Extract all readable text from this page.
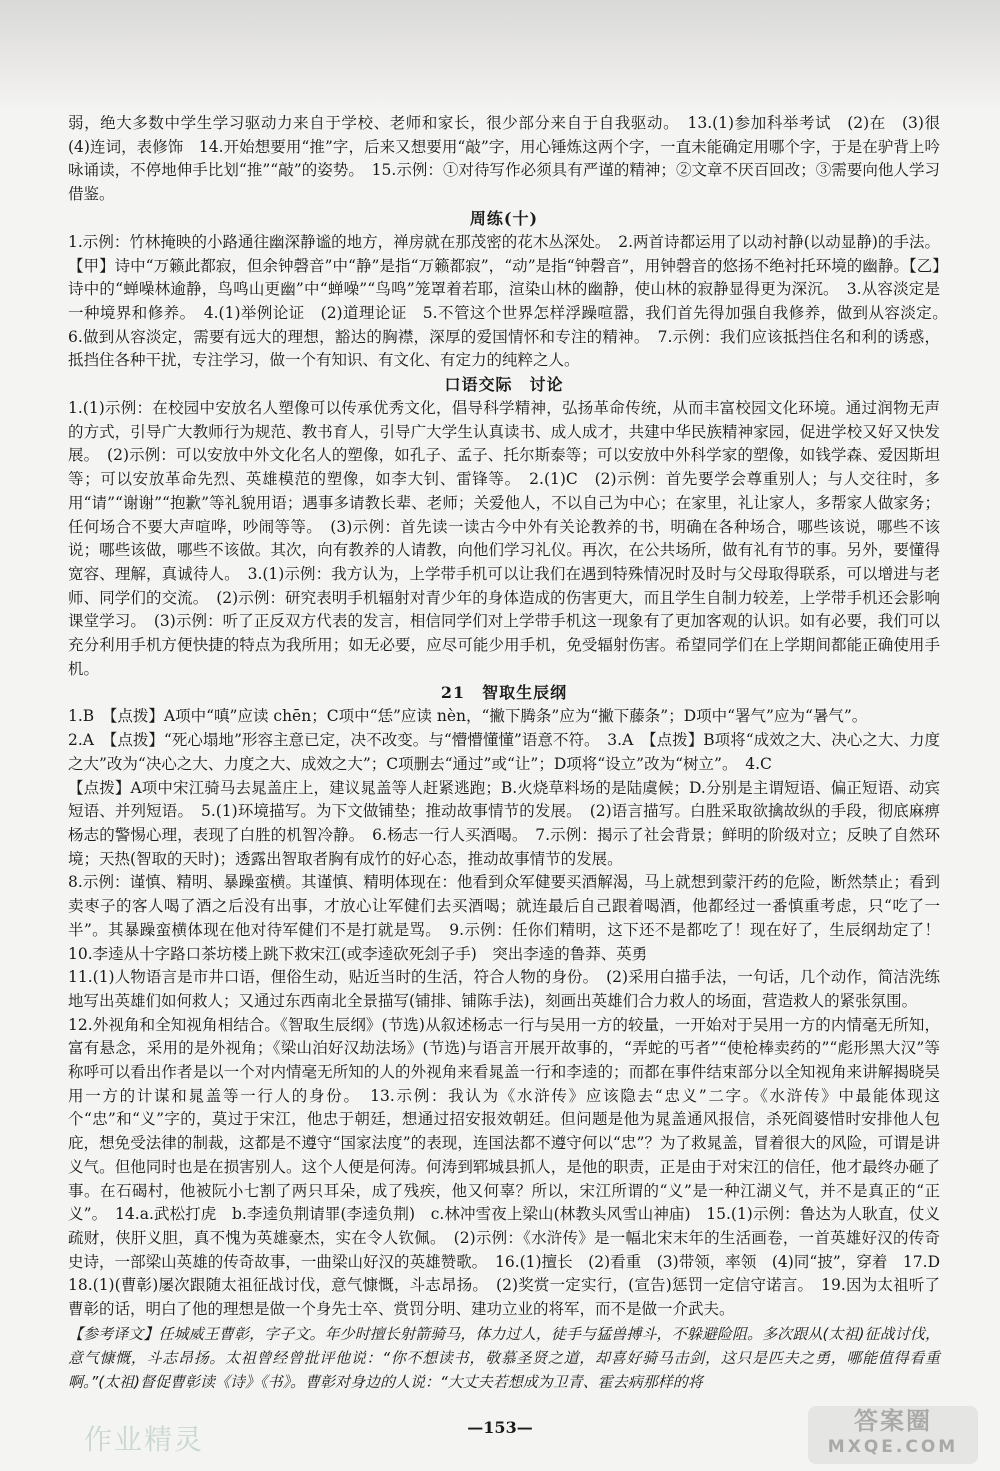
弱，绝大多数中学生学习驱动力来自于学校、老师和家长，很少部分来自于自我驱动。　13.(1)参加科举考试　(2)在　(3)很　(4)连词，表修饰　14.开始想要用“推”字，后来又想要用“敲”字，用心锤炼这两个字，一直未能确定用哪个字，于是在驴背上吟咏诵读，不停地伸手比划“推”“敲”的姿势。　15.示例：①对待写作必须具有严谨的精神；②文章不厌百回改；③需要向他人学习借鉴。

周练(十)

1.示例：竹林掩映的小路通往幽深静谧的地方，禅房就在那茂密的花木丛深处。　2.两首诗都运用了以动衬静(以动显静)的手法。【甲】诗中“万籁此都寂，但余钟磬音”中“静”是指“万籁都寂”，“动”是指“钟磬音”，用钟磬音的悠扬不绝衬托环境的幽静。【乙】诗中的“蝉噪林逾静，鸟鸣山更幽”中“蝉噪”“鸟鸣”笼罩着若耶，渲染山林的幽静，使山林的寂静显得更为深沉。　3.从容淡定是一种境界和修养。　4.(1)举例论证　(2)道理论证　5.不管这个世界怎样浮躁喧嚣，我们首先得加强自我修养，做到从容淡定。　6.做到从容淡定，需要有远大的理想，豁达的胸襟，深厚的爱国情怀和专注的精神。　7.示例：我们应该抵挡住名和利的诱惑，抵挡住各种干扰，专注学习，做一个有知识、有文化、有定力的纯粹之人。

口语交际　讨论

1.(1)示例：在校园中安放名人塑像可以传承优秀文化，倡导科学精神，弘扬革命传统，从而丰富校园文化环境。通过润物无声的方式，引导广大教师行为规范、教书育人，引导广大学生认真读书、成人成才，共建中华民族精神家园，促进学校又好又快发展。　(2)示例：可以安放中外文化名人的塑像，如孔子、孟子、托尔斯泰等；可以安放中外科学家的塑像，如钱学森、爱因斯坦等；可以安放革命先烈、英雄模范的塑像，如李大钊、雷锋等。　2.(1)C　(2)示例：首先要学会尊重别人；与人交往时，多用“请”“谢谢”“抱歉”等礼貌用语；遇事多请教长辈、老师；关爱他人，不以自己为中心；在家里，礼让家人，多帮家人做家务；任何场合不要大声喧哗，吵闹等等。　(3)示例：首先读一读古今中外有关论教养的书，明确在各种场合，哪些该说，哪些不该说；哪些该做，哪些不该做。其次，向有教养的人请教，向他们学习礼仪。再次，在公共场所，做有礼有节的事。另外，要懂得宽容、理解，真诚待人。　3.(1)示例：我方认为，上学带手机可以让我们在遇到特殊情况时及时与父母取得联系，可以增进与老师、同学们的交流。　(2)示例：研究表明手机辐射对青少年的身体造成的伤害更大，而且学生自制力较差，上学带手机还会影响课堂学习。　(3)示例：听了正反双方代表的发言，相信同学们对上学带手机这一现象有了更加客观的认识。如有必要，我们可以充分利用手机方便快捷的特点为我所用；如无必要，应尽可能少用手机，免受辐射伤害。希望同学们在上学期间都能正确使用手机。

21　智取生辰纲

1.B　【点拨】A项中“嗔”应读 chēn；C项中“恁”应读 nèn，“撇下腾条”应为“撇下藤条”；D项中“署气”应为“暑气”。

2.A　【点拨】“死心塌地”形容主意已定，决不改变。与“懵懵懂懂”语意不符。　3.A　【点拨】B项将“成效之大、决心之大、力度之大”改为“决心之大、力度之大、成效之大”；C项删去“通过”或“让”；D项将“设立”改为“树立”。　4.C

【点拨】A项中宋江骑马去晁盖庄上，建议晁盖等人赶紧逃跑；B.火烧草料场的是陆虞候；D.分别是主谓短语、偏正短语、动宾短语、并列短语。　5.(1)环境描写。为下文做铺垫；推动故事情节的发展。　(2)语言描写。白胜采取欲擒故纵的手段，彻底麻痹杨志的警惕心理，表现了白胜的机智冷静。　6.杨志一行人买酒喝。　7.示例：揭示了社会背景；鲜明的阶级对立；反映了自然环境；天热(智取的天时)；透露出智取者胸有成竹的好心态，推动故事情节的发展。

8.示例：谨慎、精明、暴躁蛮横。其谨慎、精明体现在：他看到众军健要买酒解渴，马上就想到蒙汗药的危险，断然禁止；看到卖枣子的客人喝了酒之后没有出事，才放心让军健们去买酒喝；就连最后自己跟着喝酒，他都经过一番慎重考虑，只“吃了一半”。其暴躁蛮横体现在他对待军健们不是打就是骂。　9.示例：任你们精明，这下还不是都吃了！现在好了，生辰纲劫定了！　10.李逵从十字路口茶坊楼上跳下救宋江(或李逵砍死刽子手)　突出李逵的鲁莽、英勇

11.(1)人物语言是市井口语，俚俗生动，贴近当时的生活，符合人物的身份。　(2)采用白描手法，一句话，几个动作，简洁洗练地写出英雄们如何救人；又通过东西南北全景描写(铺排、铺陈手法)，刻画出英雄们合力救人的场面，营造救人的紧张氛围。

12.外视角和全知视角相结合。《智取生辰纲》(节选)从叙述杨志一行与吴用一方的较量，一开始对于吴用一方的内情毫无所知，富有悬念，采用的是外视角；《梁山泊好汉劫法场》(节选)与语言开展开故事的，“弄蛇的丐者”“使枪棒卖药的”“彪形黑大汉”等称呼可以看出作者是以一个对内情毫无所知的人的外视角来看晁盖一行和李逵的；而都在事件结束部分以全知视角来讲解揭晓吴用一方的计谋和晁盖等一行人的身份。　13.示例：我认为《水浒传》应该隐去“忠义”二字。《水浒传》中最能体现这个“忠”和“义”字的，莫过于宋江，他忠于朝廷，想通过招安报效朝廷。但问题是他为晁盖通风报信，杀死阎婆惜时安排他人包庇，想免受法律的制裁，这都是不遵守“国家法度”的表现，连国法都不遵守何以“忠”？为了救晁盖，冒着很大的风险，可谓是讲义气。但他同时也是在损害别人。这个人便是何涛。何涛到郓城县抓人，是他的职责，正是由于对宋江的信任，他才最终办砸了事。在石碣村，他被阮小七割了两只耳朵，成了残疾，他又何辜？所以，宋江所谓的“义”是一种江湖义气，并不是真正的“正义”。　14.a.武松打虎　b.李逵负荆请罪(李逵负荆)　c.林冲雪夜上梁山(林教头风雪山神庙)　15.(1)示例：鲁达为人耿直，仗义疏财，侠肝义胆，真不愧为英雄豪杰，实在令人钦佩。　(2)示例：《水浒传》是一幅北宋末年的生活画卷，一首英雄好汉的传奇史诗，一部梁山英雄的传奇故事，一曲梁山好汉的英雄赞歌。　16.(1)擅长　(2)看重　(3)带领，率领　(4)同“披”，穿着　17.D　18.(1)(曹彰)屡次跟随太祖征战讨伐，意气慷慨，斗志昂扬。　(2)奖赏一定实行，(宣告)惩罚一定信守诺言。　19.因为太祖听了曹彰的话，明白了他的理想是做一个身先士卒、赏罚分明、建功立业的将军，而不是做一介武夫。

【参考译文】任城威王曹彰，字子文。年少时擅长射箭骑马，体力过人，徒手与猛兽搏斗，不躲避险阻。多次跟从(太祖)征战讨伐，意气慷慨，斗志昂扬。太祖曾经曾批评他说：“你不想读书，敬慕圣贤之道，却喜好骑马击剑，这只是匹夫之勇，哪能值得看重啊。”(太祖)督促曹彰读《诗》《书》。曹彰对身边的人说：“大丈夫若想成为卫青、霍去病那样的将

—153—
作业精灵
答案圈
MXQE.COM
